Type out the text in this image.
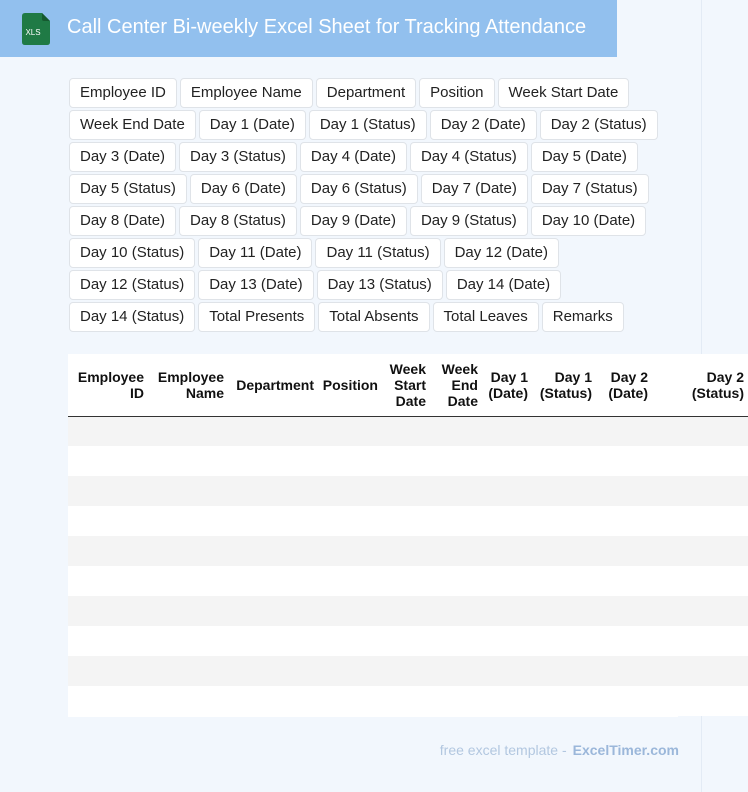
XLS Call Center Bi-weekly Excel Sheet for Tracking Attendance
Employee ID	Employee Name	Department	Position	Week Start Date
Week End Date	Day 1 (Date)	Day 1 (Status)	Day 2 (Date)	Day 2 (Status)
Day 3 (Date)	Day 3 (Status)	Day 4 (Date)	Day 4 (Status)	Day 5 (Date)
Day 5 (Status)	Day 6 (Date)	Day 6 (Status)	Day 7 (Date)	Day 7 (Status)
Day 8 (Date)	Day 8 (Status)	Day 9 (Date)	Day 9 (Status)	Day 10 (Date)
Day 10 (Status)	Day 11 (Date)	Day 11 (Status)	Day 12 (Date)
Day 12 (Status)	Day 13 (Date)	Day 13 (Status)	Day 14 (Date)
Day 14 (Status)	Total Presents	Total Absents	Total Leaves	Remarks
Employee ID	Employee Name	Department	Position	Week Start Date	Week End Date	Day 1 (Date)	Day 1 (Status)	Day 2 (Date)	Day 2 (Status)

free excel template - ExcelTimer.com
